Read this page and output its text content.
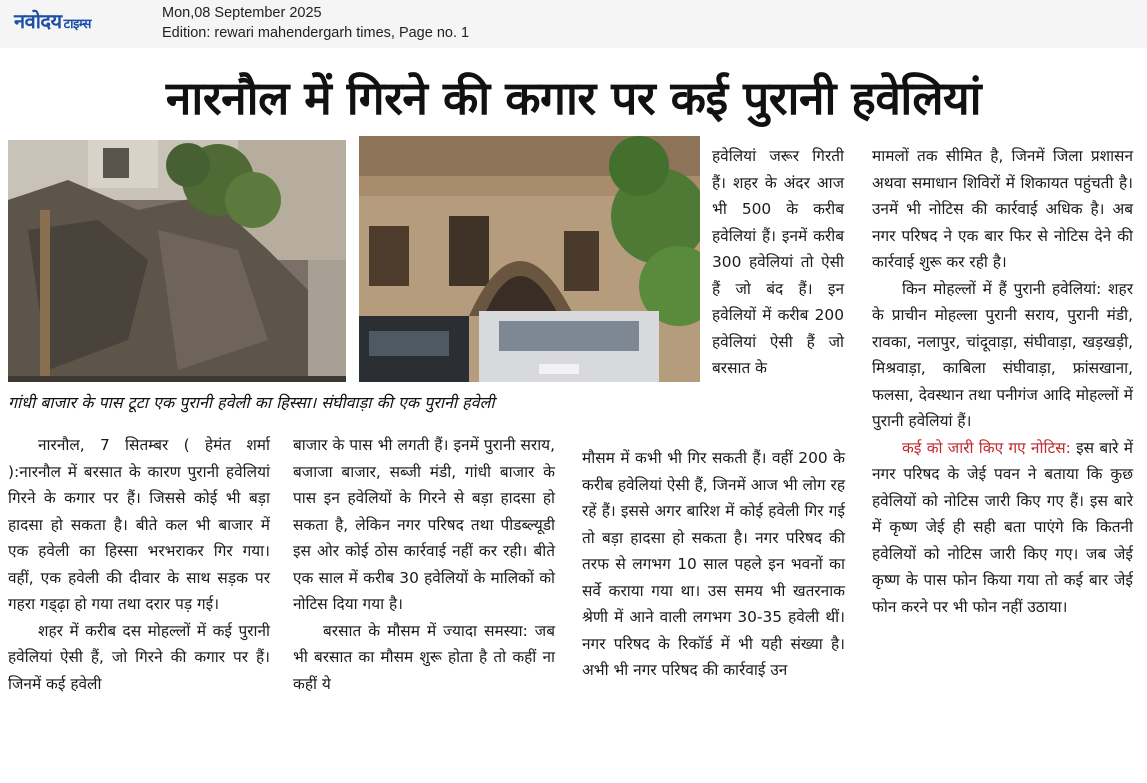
नवोदय टाइम्स
Mon,08 September 2025
Edition: rewari mahendergarh times, Page no. 1
नारनौल में गिरने की कगार पर कई पुरानी हवेलियां
गांधी बाजार के पास टूटा एक पुरानी हवेली का हिस्सा। संघीवाड़ा की एक पुरानी हवेली

नारनौल, 7 सितम्बर ( हेमंत शर्मा ):नारनौल में बरसात के कारण पुरानी हवेलियां गिरने के कगार पर हैं। जिससे कोई भी बड़ा हादसा हो सकता है। बीते कल भी बाजार में एक हवेली का हिस्सा भरभराकर गिर गया। वहीं, एक हवेली की दीवार के साथ सड़क पर गहरा गड्ढ़ा हो गया तथा दरार पड़ गई।

शहर में करीब दस मोहल्लों में कई पुरानी हवेलियां ऐसी हैं, जो गिरने की कगार पर हैं। जिनमें कई हवेली

बाजार के पास भी लगती हैं। इनमें पुरानी सराय, बजाजा बाजार, सब्जी मंडी, गांधी बाजार के पास इन हवेलियों के गिरने से बड़ा हादसा हो सकता है, लेकिन नगर परिषद तथा पीडब्ल्यूडी इस ओर कोई ठोस कार्रवाई नहीं कर रही। बीते एक साल में करीब 30 हवेलियों के मालिकों को नोटिस दिया गया है।

बरसात के मौसम में ज्यादा समस्या: जब भी बरसात का मौसम शुरू होता है तो कहीं ना कहीं ये

हवेलियां जरूर गिरती हैं। शहर के अंदर आज भी 500 के करीब हवेलियां हैं। इनमें करीब 300 हवेलियां तो ऐसी हैं जो बंद हैं। इन हवेलियों में करीब 200 हवेलियां ऐसी हैं जो बरसात के

मौसम में कभी भी गिर सकती हैं। वहीं 200 के करीब हवेलियां ऐसी हैं, जिनमें आज भी लोग रह रहें हैं। इससे अगर बारिश में कोई हवेली गिर गई तो बड़ा हादसा हो सकता है। नगर परिषद की तरफ से लगभग 10 साल पहले इन भवनों का सर्वे कराया गया था। उस समय भी खतरनाक श्रेणी में आने वाली लगभग 30-35 हवेली थीं। नगर परिषद के रिकॉर्ड में भी यही संख्या है। अभी भी नगर परिषद की कार्रवाई उन

मामलों तक सीमित है, जिनमें जिला प्रशासन अथवा समाधान शिविरों में शिकायत पहुंचती है। उनमें भी नोटिस की कार्रवाई अधिक है। अब नगर परिषद ने एक बार फिर से नोटिस देने की कार्रवाई शुरू कर रही है।

किन मोहल्लों में हैं पुरानी हवेलियां: शहर के प्राचीन मोहल्ला पुरानी सराय, पुरानी मंडी, रावका, नलापुर, चांदूवाड़ा, संघीवाड़ा, खड़खड़ी, मिश्रवाड़ा, काबिला संघीवाड़ा, फ्रांसखाना, फलसा, देवस्थान तथा पनीगंज आदि मोहल्लों में पुरानी हवेलियां हैं।

कई को जारी किए गए नोटिस: इस बारे में नगर परिषद के जेई पवन ने बताया कि कुछ हवेलियों को नोटिस जारी किए गए हैं। इस बारे में कृष्ण जेई ही सही बता पाएंगे कि कितनी हवेलियों को नोटिस जारी किए गए। जब जेई कृष्ण के पास फोन किया गया तो कई बार जेई फोन करने पर भी फोन नहीं उठाया।
